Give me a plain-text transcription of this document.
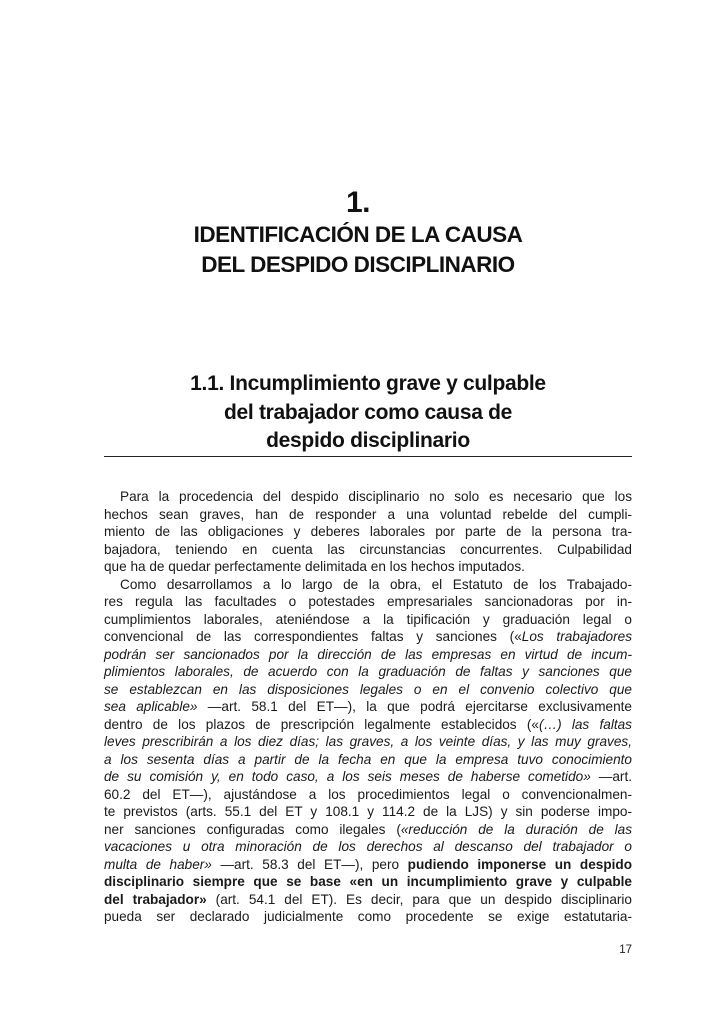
1.
IDENTIFICACIÓN DE LA CAUSA
DEL DESPIDO DISCIPLINARIO
1.1. Incumplimiento grave y culpable
del trabajador como causa de
despido disciplinario
Para la procedencia del despido disciplinario no solo es necesario que los
hechos sean graves, han de responder a una voluntad rebelde del cumpli-
miento de las obligaciones y deberes laborales por parte de la persona tra-
bajadora, teniendo en cuenta las circunstancias concurrentes. Culpabilidad
que ha de quedar perfectamente delimitada en los hechos imputados.
Como desarrollamos a lo largo de la obra, el Estatuto de los Trabajado-
res regula las facultades o potestades empresariales sancionadoras por in-
cumplimientos laborales, ateniéndose a la tipificación y graduación legal o
convencional de las correspondientes faltas y sanciones («Los trabajadores
podrán ser sancionados por la dirección de las empresas en virtud de incum-
plimientos laborales, de acuerdo con la graduación de faltas y sanciones que
se establezcan en las disposiciones legales o en el convenio colectivo que
sea aplicable» —art. 58.1 del ET—), la que podrá ejercitarse exclusivamente
dentro de los plazos de prescripción legalmente establecidos («(…) las faltas
leves prescribirán a los diez días; las graves, a los veinte días, y las muy graves,
a los sesenta días a partir de la fecha en que la empresa tuvo conocimiento
de su comisión y, en todo caso, a los seis meses de haberse cometido» —art.
60.2 del ET—), ajustándose a los procedimientos legal o convencionalmen-
te previstos (arts. 55.1 del ET y 108.1 y 114.2 de la LJS) y sin poderse impo-
ner sanciones configuradas como ilegales («reducción de la duración de las
vacaciones u otra minoración de los derechos al descanso del trabajador o
multa de haber» —art. 58.3 del ET—), pero pudiendo imponerse un despido
disciplinario siempre que se base «en un incumplimiento grave y culpable
del trabajador» (art. 54.1 del ET). Es decir, para que un despido disciplinario
pueda ser declarado judicialmente como procedente se exige estatutaria-
17
